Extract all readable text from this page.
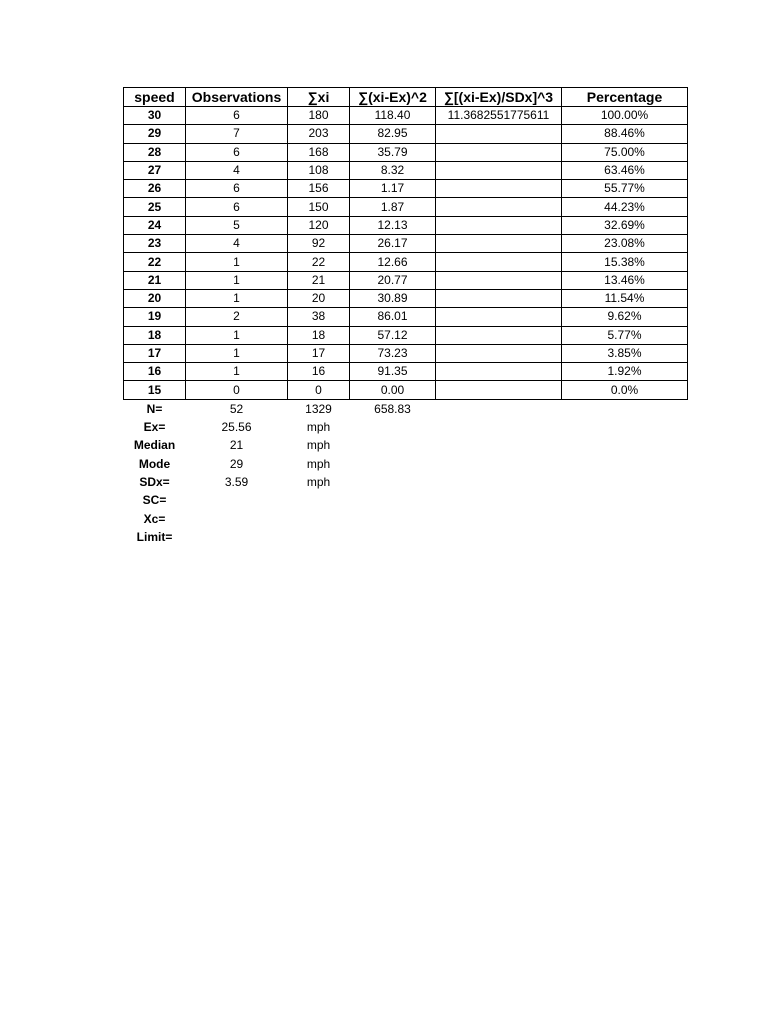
speed	Observations	∑xi	∑(xi-Ex)^2	∑[(xi-Ex)/SDx]^3	Percentage
30	6	180	118.40	11.3682551775611	100.00%
29	7	203	82.95		88.46%
28	6	168	35.79		75.00%
27	4	108	8.32		63.46%
26	6	156	1.17		55.77%
25	6	150	1.87		44.23%
24	5	120	12.13		32.69%
23	4	92	26.17		23.08%
22	1	22	12.66		15.38%
21	1	21	20.77		13.46%
20	1	20	30.89		11.54%
19	2	38	86.01		9.62%
18	1	18	57.12		5.77%
17	1	17	73.23		3.85%
16	1	16	91.35		1.92%
15	0	0	0.00		0.0%
N=	52	1329	658.83		
Ex=	25.56	mph			
Median	21	mph			
Mode	29	mph			
SDx=	3.59	mph			
SC=					
Xc=					
Limit=					
